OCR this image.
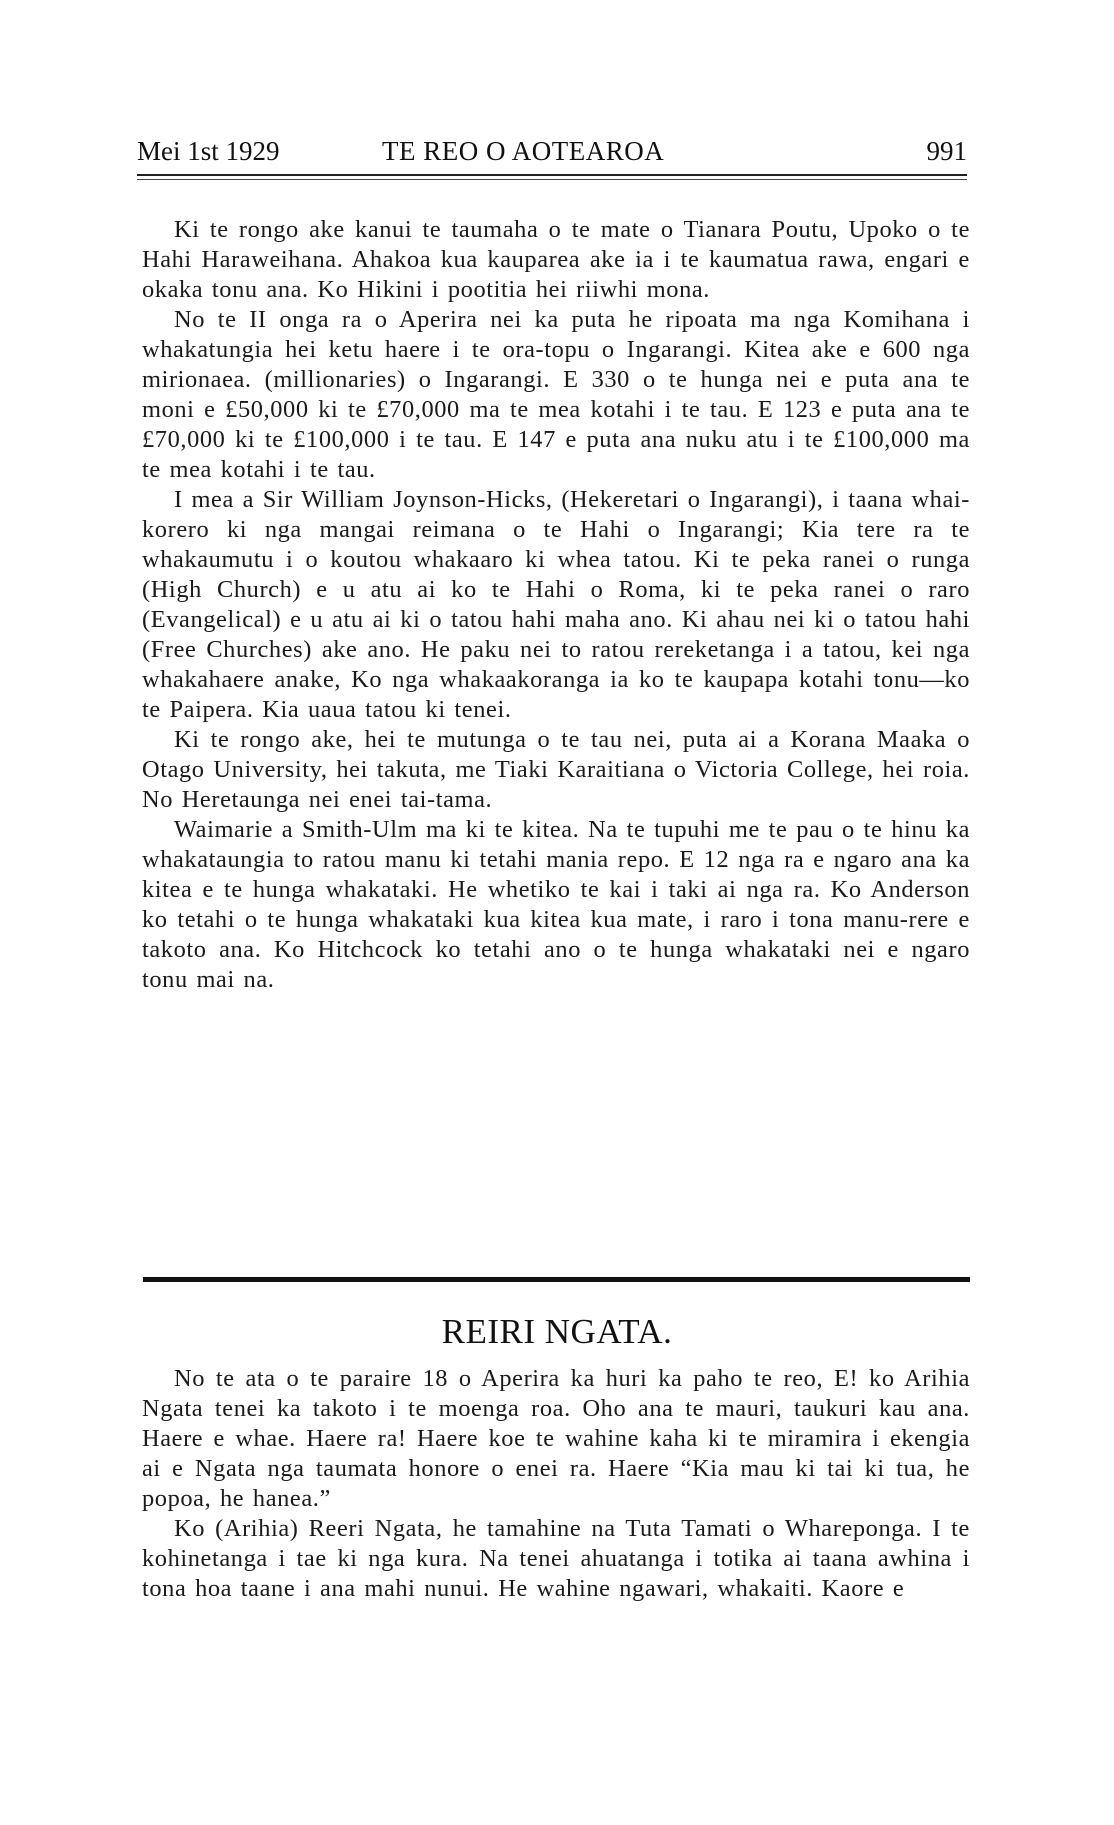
Mei 1st 1929	TE REO O AOTEAROA	991

Ki te rongo ake kanui te taumaha o te mate o Tianara Poutu, Upoko o te Hahi Haraweihana. Ahakoa kua kauparea ake ia i te kaumatua rawa, engari e okaka tonu ana. Ko Hikini i pootitia hei riiwhi mona.

No te II onga ra o Aperira nei ka puta he ripoata ma nga Komihana i whakatungia hei ketu haere i te ora-topu o Ingarangi. Kitea ake e 600 nga mirionaea. (millionaries) o Ingarangi. E 330 o te hunga nei e puta ana te moni e £50,000 ki te £70,000 ma te mea kotahi i te tau. E 123 e puta ana te £70,000 ki te £100,000 i te tau. E 147 e puta ana nuku atu i te £100,000 ma te mea kotahi i te tau.

I mea a Sir William Joynson-Hicks, (Hekeretari o Ingarangi), i taana whai-korero ki nga mangai reimana o te Hahi o Ingarangi; Kia tere ra te whakaumutu i o koutou whakaaro ki whea tatou. Ki te peka ranei o runga (High Church) e u atu ai ko te Hahi o Roma, ki te peka ranei o raro (Evangelical) e u atu ai ki o tatou hahi maha ano. Ki ahau nei ki o tatou hahi (Free Churches) ake ano. He paku nei to ratou rereketanga i a tatou, kei nga whakahaere anake, Ko nga whakaakoranga ia ko te kaupapa kotahi tonu—ko te Paipera. Kia uaua tatou ki tenei.

Ki te rongo ake, hei te mutunga o te tau nei, puta ai a Korana Maaka o Otago University, hei takuta, me Tiaki Karaitiana o Victoria College, hei roia. No Heretaunga nei enei tai-tama.

Waimarie a Smith-Ulm ma ki te kitea. Na te tupuhi me te pau o te hinu ka whakataungia to ratou manu ki tetahi mania repo. E 12 nga ra e ngaro ana ka kitea e te hunga whakataki. He whetiko te kai i taki ai nga ra. Ko Anderson ko tetahi o te hunga whakataki kua kitea kua mate, i raro i tona manu-rere e takoto ana. Ko Hitchcock ko tetahi ano o te hunga whakataki nei e ngaro tonu mai na.

REIRI NGATA.

No te ata o te paraire 18 o Aperira ka huri ka paho te reo, E! ko Arihia Ngata tenei ka takoto i te moenga roa. Oho ana te mauri, taukuri kau ana. Haere e whae. Haere ra! Haere koe te wahine kaha ki te miramira i ekengia ai e Ngata nga taumata honore o enei ra. Haere “Kia mau ki tai ki tua, he popoa, he hanea.”

Ko (Arihia) Reeri Ngata, he tamahine na Tuta Tamati o Wharepongа. I te kohinetanga i tae ki nga kura. Na tenei ahuatanga i totika ai taana awhina i tona hoa taane i ana mahi nunui. He wahine ngawari, whakaiti. Kaore e
